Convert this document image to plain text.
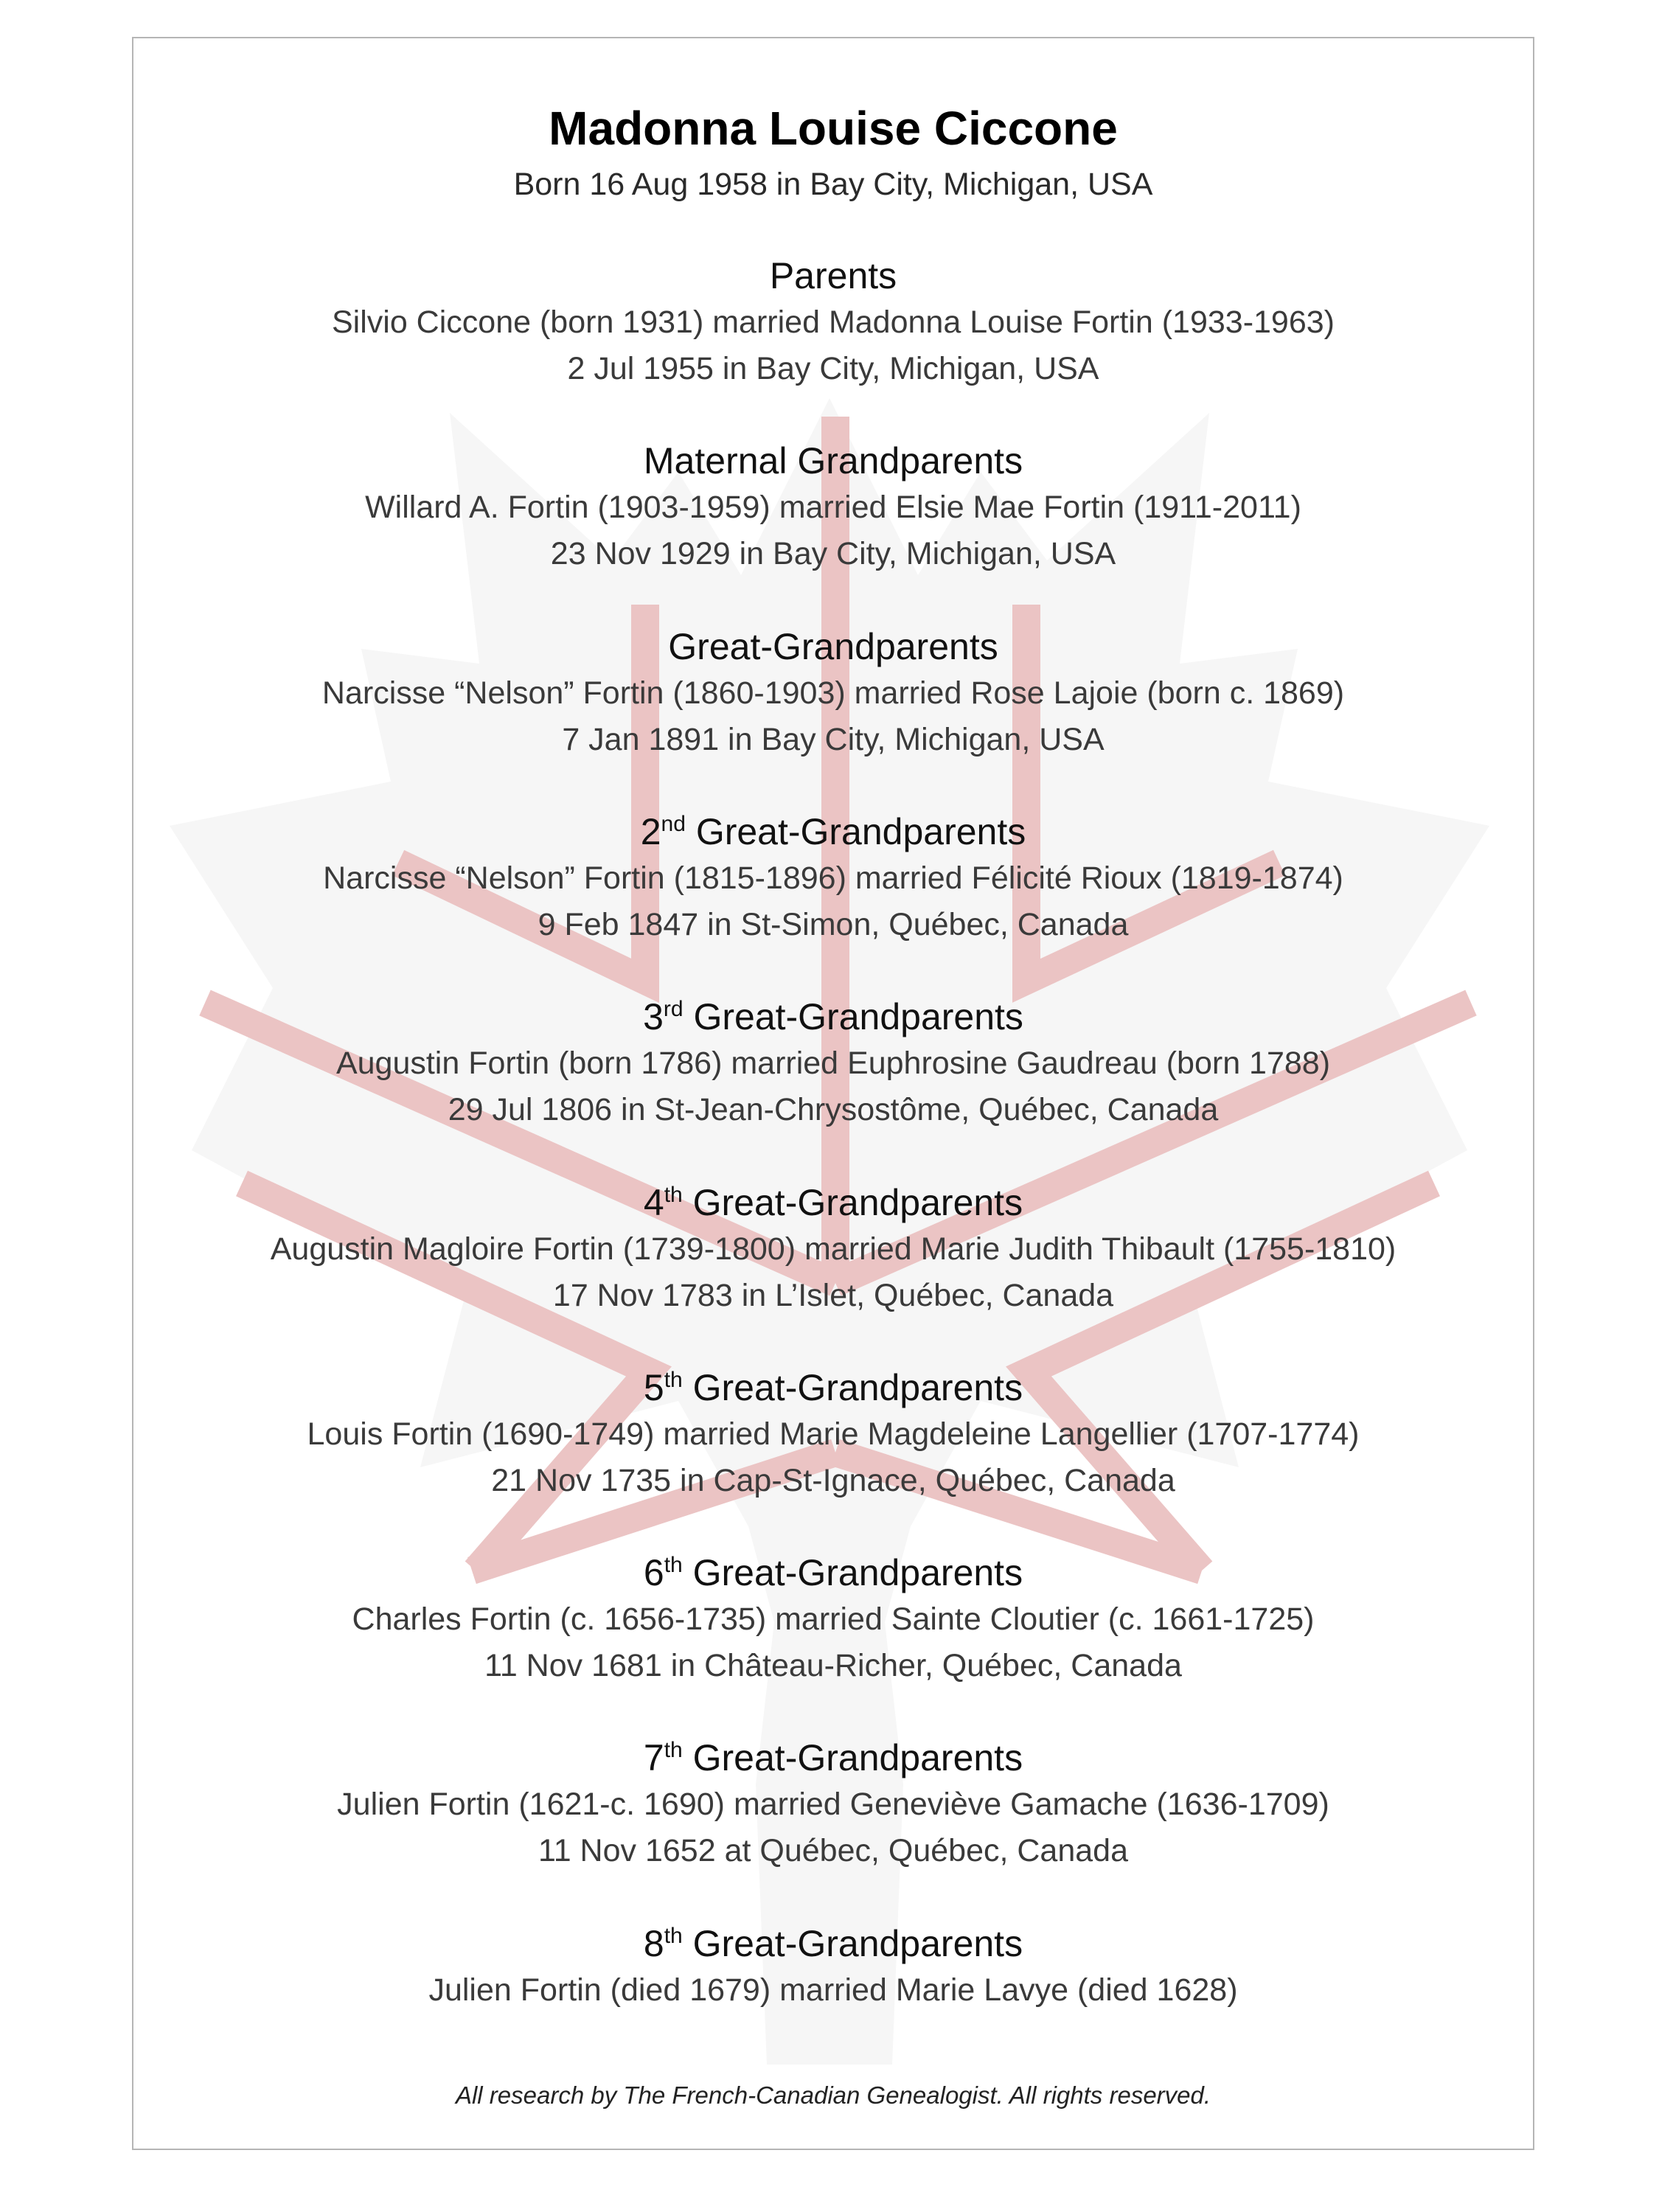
Madonna Louise Ciccone
Born 16 Aug 1958 in Bay City, Michigan, USA
Parents
Silvio Ciccone (born 1931) married Madonna Louise Fortin (1933-1963)
2 Jul 1955 in Bay City, Michigan, USA
Maternal Grandparents
Willard A. Fortin (1903-1959) married Elsie Mae Fortin (1911-2011)
23 Nov 1929 in Bay City, Michigan, USA
Great-Grandparents
Narcisse “Nelson” Fortin (1860-1903) married Rose Lajoie (born c. 1869)
7 Jan 1891 in Bay City, Michigan, USA
2nd Great-Grandparents
Narcisse “Nelson” Fortin (1815-1896) married Félicité Rioux (1819-1874)
9 Feb 1847 in St-Simon, Québec, Canada
3rd Great-Grandparents
Augustin Fortin (born 1786) married Euphrosine Gaudreau (born 1788)
29 Jul 1806 in St-Jean-Chrysostôme, Québec, Canada
4th Great-Grandparents
Augustin Magloire Fortin (1739-1800) married Marie Judith Thibault (1755-1810)
17 Nov 1783 in L’Islet, Québec, Canada
5th Great-Grandparents
Louis Fortin (1690-1749) married Marie Magdeleine Langellier (1707-1774)
21 Nov 1735 in Cap-St-Ignace, Québec, Canada
6th Great-Grandparents
Charles Fortin (c. 1656-1735) married Sainte Cloutier (c. 1661-1725)
11 Nov 1681 in Château-Richer, Québec, Canada
7th Great-Grandparents
Julien Fortin (1621-c. 1690) married Geneviève Gamache (1636-1709)
11 Nov 1652 at Québec, Québec, Canada
8th Great-Grandparents
Julien Fortin (died 1679) married Marie Lavye (died 1628)
All research by The French-Canadian Genealogist. All rights reserved.
